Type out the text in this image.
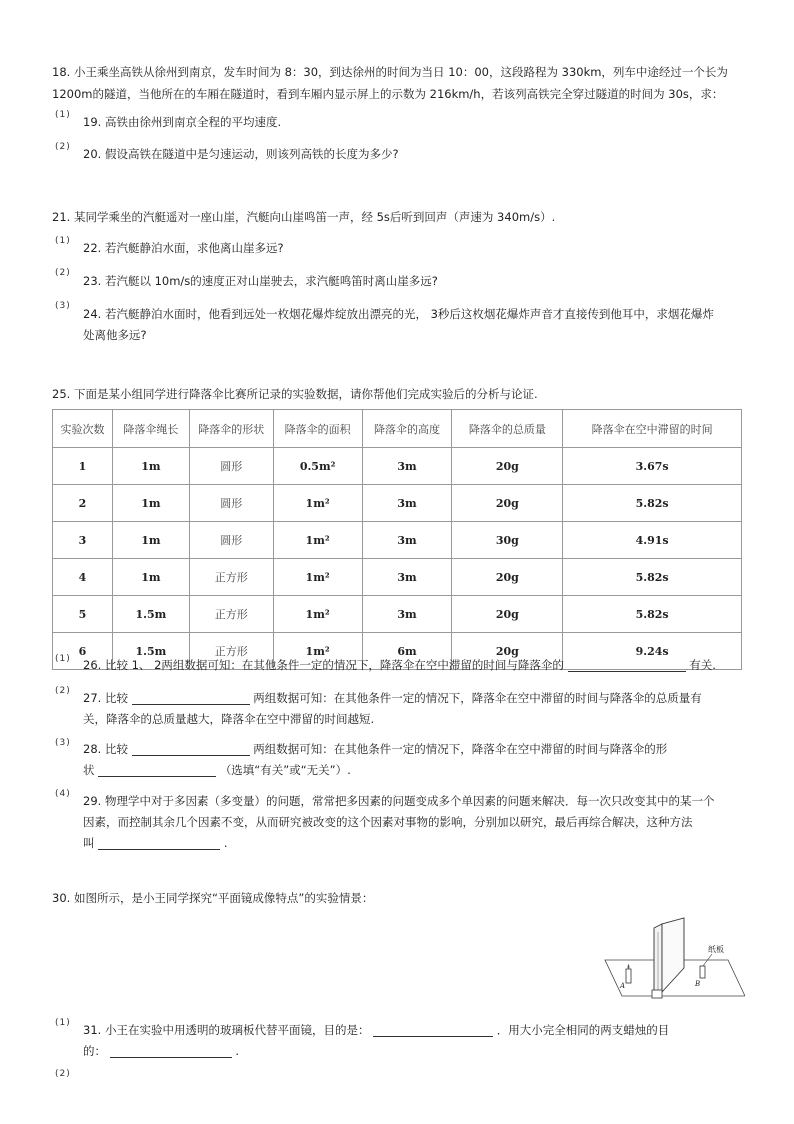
18. 小王乘坐高铁从徐州到南京，发车时间为 8：30，到达徐州的时间为当日 10：00，这段路程为 330km，列车中途经过一个长为
1200m的隧道，当他所在的车厢在隧道时，看到车厢内显示屏上的示数为 216km/h，若该列高铁完全穿过隧道的时间为 30s，求：
(1) 19. 高铁由徐州到南京全程的平均速度.
(2) 20. 假设高铁在隧道中是匀速运动，则该列高铁的长度为多少?
21. 某同学乘坐的汽艇遥对一座山崖，汽艇向山崖鸣笛一声，经 5s后听到回声（声速为 340m/s）.
(1) 22. 若汽艇静泊水面，求他离山崖多远?
(2)
23. 若汽艇以 10m/s的速度正对山崖驶去，求汽艇鸣笛时离山崖多远?
(3)
24. 若汽艇静泊水面时，他看到远处一枚烟花爆炸绽放出漂亮的光， 3秒后这枚烟花爆炸声音才直接传到他耳中，求烟花爆炸
处离他多远?
25. 下面是某小组同学进行降落伞比赛所记录的实验数据，请你帮他们完成实验后的分析与论证.
实验次数	降落伞绳长	降落伞的形状	降落伞的面积	降落伞的高度	降落伞的总质量	降落伞在空中滞留的时间
1	1m	圆形	0.5m²	3m	20g	3.67s
2	1m	圆形	1m²	3m	20g	5.82s
3	1m	圆形	1m²	3m	30g	4.91s
4	1m	正方形	1m²	3m	20g	5.82s
5	1.5m	正方形	1m²	3m	20g	5.82s
6	1.5m	正方形	1m²	6m	20g	9.24s
(1) 26. 比较 1、 2两组数据可知：在其他条件一定的情况下，降落伞在空中滞留的时间与降落伞的	有关.
(2) 27. 比较	两组数据可知：在其他条件一定的情况下，降落伞在空中滞留的时间与降落伞的总质量有
关，降落伞的总质量越大，降落伞在空中滞留的时间越短.
(3) 28. 比较	两组数据可知：在其他条件一定的情况下，降落伞在空中滞留的时间与降落伞的形
状	（选填“有关”或“无关”）.
(4) 29. 物理学中对于多因素（多变量）的问题，常常把多因素的问题变成多个单因素的问题来解决．每一次只改变其中的某一个
因素，而控制其余几个因素不变，从而研究被改变的这个因素对事物的影响，分别加以研究，最后再综合解决，这种方法
叫	.
30. 如图所示，是小王同学探究“平面镜成像特点”的实验情景：
纸板
A	B
(1) 31. 小王在实验中用透明的玻璃板代替平面镜，目的是：	．用大小完全相同的两支蜡烛的目
的：	.
(2)
